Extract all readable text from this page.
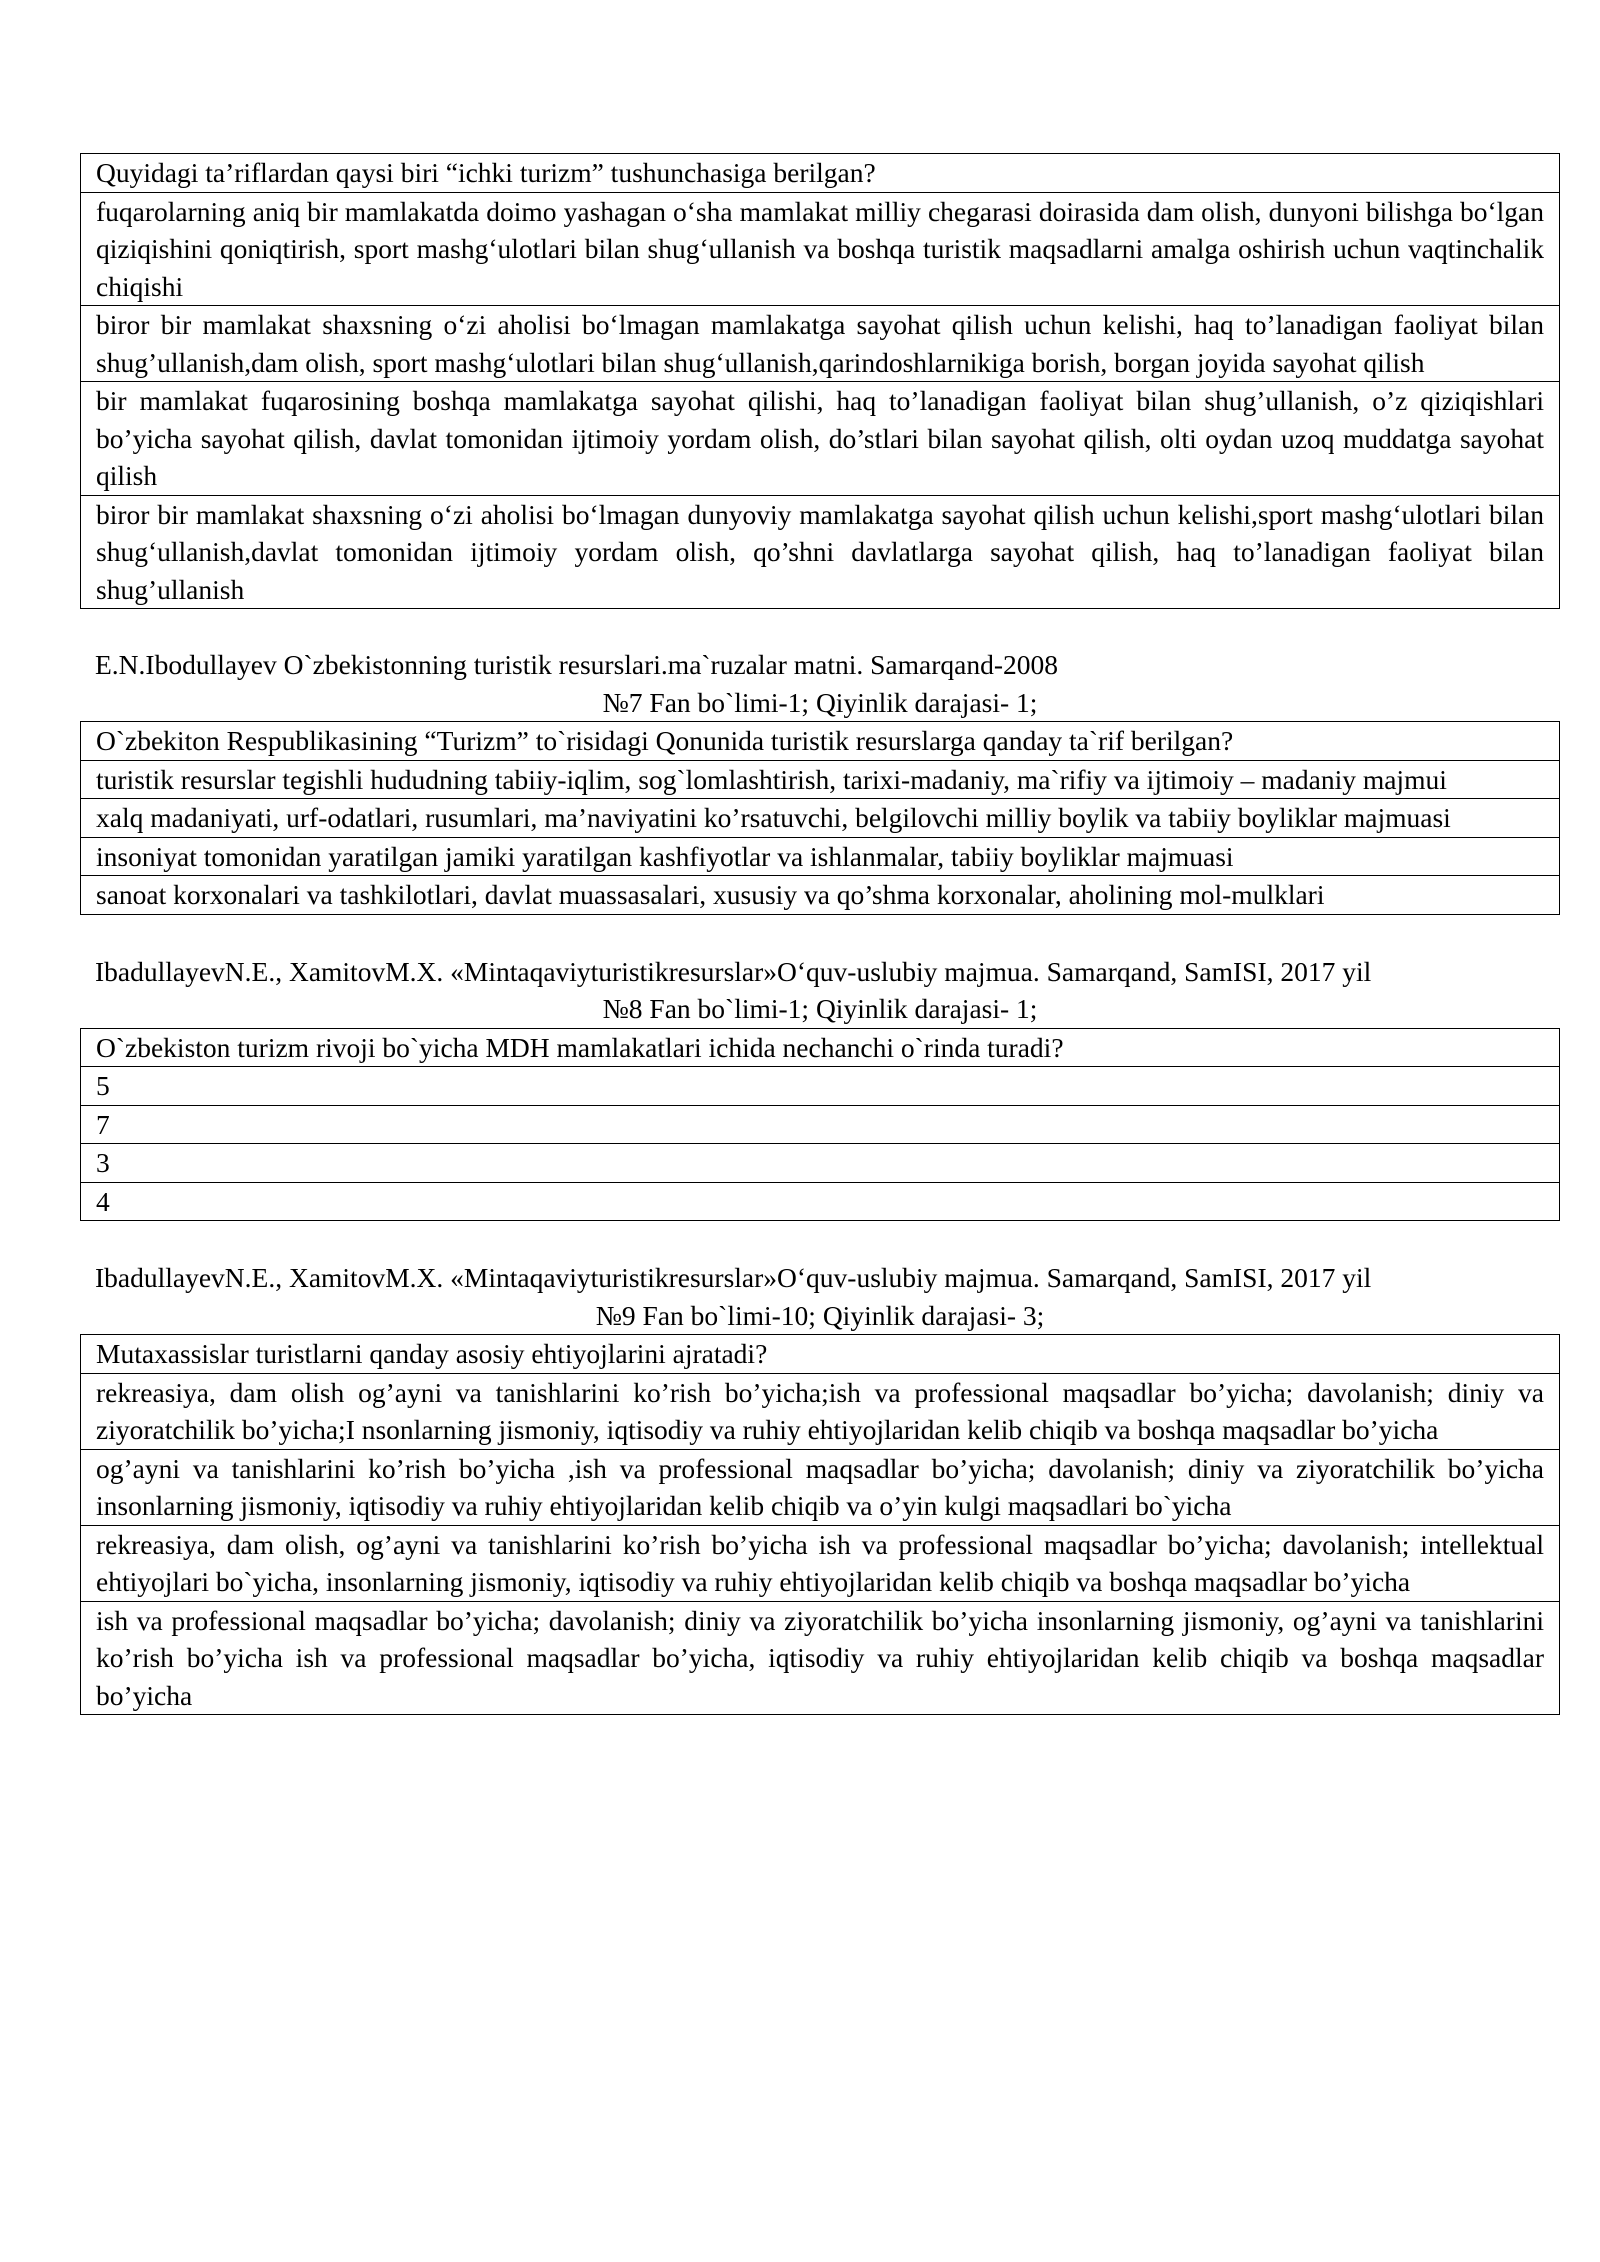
Quyidagi ta’riflardan qaysi biri “ichki turizm” tushunchasiga berilgan?
fuqarolarning aniq bir mamlakatda doimo yashagan o‘sha mamlakat milliy chegarasi doirasida dam olish, dunyoni bilishga bo‘lgan qiziqishini qoniqtirish, sport mashg‘ulotlari bilan shug‘ullanish va boshqa turistik maqsadlarni amalga oshirish uchun vaqtinchalik chiqishi
biror bir mamlakat shaxsning o‘zi aholisi bo‘lmagan mamlakatga sayohat qilish uchun kelishi, haq to’lanadigan faoliyat bilan shug’ullanish,dam olish, sport mashg‘ulotlari bilan shug‘ullanish,qarindoshlarnikiga borish, borgan joyida sayohat qilish
bir mamlakat fuqarosining boshqa mamlakatga sayohat qilishi, haq to’lanadigan faoliyat bilan shug’ullanish, o’z qiziqishlari bo’yicha sayohat qilish, davlat tomonidan ijtimoiy yordam olish, do’stlari bilan sayohat qilish, olti oydan uzoq muddatga sayohat qilish
biror bir mamlakat shaxsning o‘zi aholisi bo‘lmagan dunyoviy mamlakatga sayohat qilish uchun kelishi,sport mashg‘ulotlari bilan shug‘ullanish,davlat tomonidan ijtimoiy yordam olish, qo’shni davlatlarga sayohat qilish, haq to’lanadigan faoliyat bilan shug’ullanish
E.N.Ibodullayev O`zbekistonning turistik resurslari.ma`ruzalar matni. Samarqand-2008
№7 Fan bo`limi-1; Qiyinlik darajasi- 1;
O`zbekiton Respublikasining “Turizm” to`risidagi Qonunida turistik resurslarga qanday ta`rif berilgan?
turistik resurslar tegishli hududning tabiiy-iqlim, sog`lomlashtirish, tarixi-madaniy, ma`rifiy va ijtimoiy – madaniy majmui
xalq madaniyati, urf-odatlari, rusumlari, ma’naviyatini ko’rsatuvchi, belgilovchi milliy boylik va tabiiy boyliklar majmuasi
insoniyat tomonidan yaratilgan jamiki yaratilgan kashfiyotlar va ishlanmalar, tabiiy boyliklar majmuasi
sanoat korxonalari va tashkilotlari, davlat muassasalari, xususiy va qo’shma korxonalar, aholining mol-mulklari
IbadullayevN.E., XamitovM.X. «Mintaqaviyturistikresurslar»O‘quv-uslubiy majmua. Samarqand, SamISI, 2017 yil
№8 Fan bo`limi-1; Qiyinlik darajasi- 1;
O`zbekiston turizm rivoji bo`yicha MDH mamlakatlari ichida nechanchi o`rinda turadi?
5
7
3
4
IbadullayevN.E., XamitovM.X. «Mintaqaviyturistikresurslar»O‘quv-uslubiy majmua. Samarqand, SamISI, 2017 yil
№9 Fan bo`limi-10; Qiyinlik darajasi- 3;
Mutaxassislar turistlarni qanday asosiy ehtiyojlarini ajratadi?
rekreasiya, dam olish og’ayni va tanishlarini ko’rish bo’yicha;ish va professional maqsadlar bo’yicha; davolanish; diniy va ziyoratchilik bo’yicha;I nsonlarning jismoniy, iqtisodiy va ruhiy ehtiyojlaridan kelib chiqib va boshqa maqsadlar bo’yicha
og’ayni va tanishlarini ko’rish bo’yicha ,ish va professional maqsadlar bo’yicha; davolanish; diniy va ziyoratchilik bo’yicha insonlarning jismoniy, iqtisodiy va ruhiy ehtiyojlaridan kelib chiqib va o’yin kulgi maqsadlari bo`yicha
rekreasiya, dam olish, og’ayni va tanishlarini ko’rish bo’yicha ish va professional maqsadlar bo’yicha; davolanish; intellektual ehtiyojlari bo`yicha, insonlarning jismoniy, iqtisodiy va ruhiy ehtiyojlaridan kelib chiqib va boshqa maqsadlar bo’yicha
ish va professional maqsadlar bo’yicha; davolanish; diniy va ziyoratchilik bo’yicha insonlarning jismoniy, og’ayni va tanishlarini ko’rish bo’yicha ish va professional maqsadlar bo’yicha, iqtisodiy va ruhiy ehtiyojlaridan kelib chiqib va boshqa maqsadlar bo’yicha
